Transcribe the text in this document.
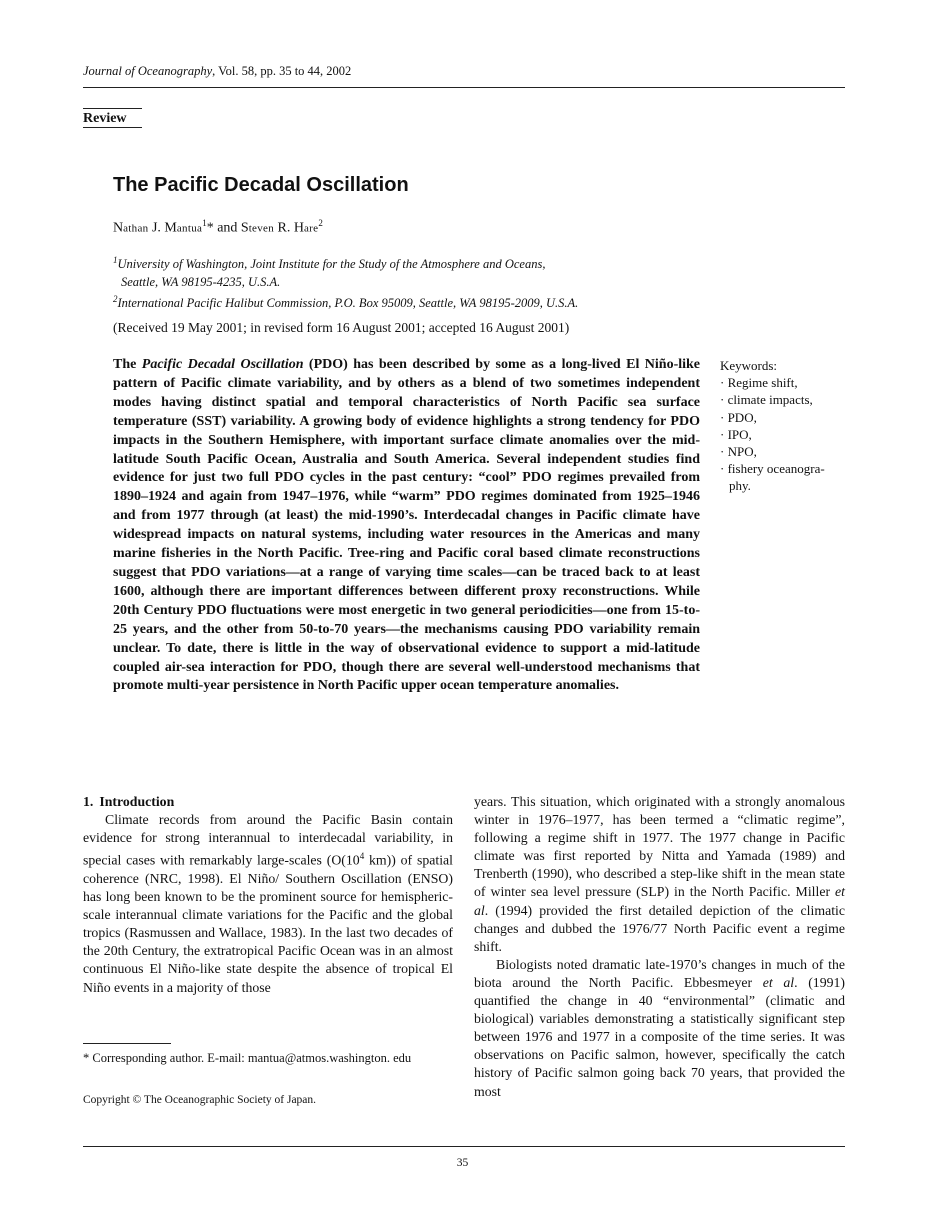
Journal of Oceanography, Vol. 58, pp. 35 to 44, 2002
Review
The Pacific Decadal Oscillation
Nathan J. Mantua$^1$* and Steven R. Hare$^2$
$^1$University of Washington, Joint Institute for the Study of the Atmosphere and Oceans,
Seattle, WA 98195-4235, U.S.A.
$^2$International Pacific Halibut Commission, P.O. Box 95009, Seattle, WA 98195-2009, U.S.A.
(Received 19 May 2001; in revised form 16 August 2001; accepted 16 August 2001)
The Pacific Decadal Oscillation (PDO) has been described by some as a long-lived El Niño-like pattern of Pacific climate variability, and by others as a blend of two sometimes independent modes having distinct spatial and temporal characteristics of North Pacific sea surface temperature (SST) variability. A growing body of evidence highlights a strong tendency for PDO impacts in the Southern Hemisphere, with important surface climate anomalies over the mid-latitude South Pacific Ocean, Australia and South America. Several independent studies find evidence for just two full PDO cycles in the past century: “cool” PDO regimes prevailed from 1890–1924 and again from 1947–1976, while “warm” PDO regimes dominated from 1925–1946 and from 1977 through (at least) the mid-1990’s. Interdecadal changes in Pacific climate have widespread impacts on natural systems, including water resources in the Americas and many marine fisheries in the North Pacific. Tree-ring and Pacific coral based climate reconstructions suggest that PDO variations—at a range of varying time scales—can be traced back to at least 1600, although there are important differences between different proxy reconstructions. While 20th Century PDO fluctuations were most energetic in two general periodicities—one from 15-to-25 years, and the other from 50-to-70 years—the mechanisms causing PDO variability remain unclear. To date, there is little in the way of observational evidence to support a mid-latitude coupled air-sea interaction for PDO, though there are several well-understood mechanisms that promote multi-year persistence in North Pacific upper ocean temperature anomalies.
Keywords:
· Regime shift,
· climate impacts,
· PDO,
· IPO,
· NPO,
· fishery oceanogra-
phy.

1. Introduction

Climate records from around the Pacific Basin contain evidence for strong interannual to interdecadal variability, in special cases with remarkably large-scales ($O(10^4$ km)) of spatial coherence (NRC, 1998). El Niño/ Southern Oscillation (ENSO) has long been known to be the prominent source for hemispheric-scale interannual climate variations for the Pacific and the global tropics (Rasmussen and Wallace, 1983). In the last two decades of the 20th Century, the extratropical Pacific Ocean was in an almost continuous El Niño-like state despite the absence of tropical El Niño events in a majority of those

years. This situation, which originated with a strongly anomalous winter in 1976–1977, has been termed a “climatic regime”, following a regime shift in 1977. The 1977 change in Pacific climate was first reported by Nitta and Yamada (1989) and Trenberth (1990), who described a step-like shift in the mean state of winter sea level pressure (SLP) in the North Pacific. Miller et al. (1994) provided the first detailed depiction of the climatic changes and dubbed the 1976/77 North Pacific event a regime shift.

Biologists noted dramatic late-1970’s changes in much of the biota around the North Pacific. Ebbesmeyer et al. (1991) quantified the change in 40 “environmental” (climatic and biological) variables demonstrating a statistically significant step between 1976 and 1977 in a composite of the time series. It was observations on Pacific salmon, however, specifically the catch history of Pacific salmon going back 70 years, that provided the most

* Corresponding author. E-mail: mantua@atmos.washington. edu
Copyright © The Oceanographic Society of Japan.
35
